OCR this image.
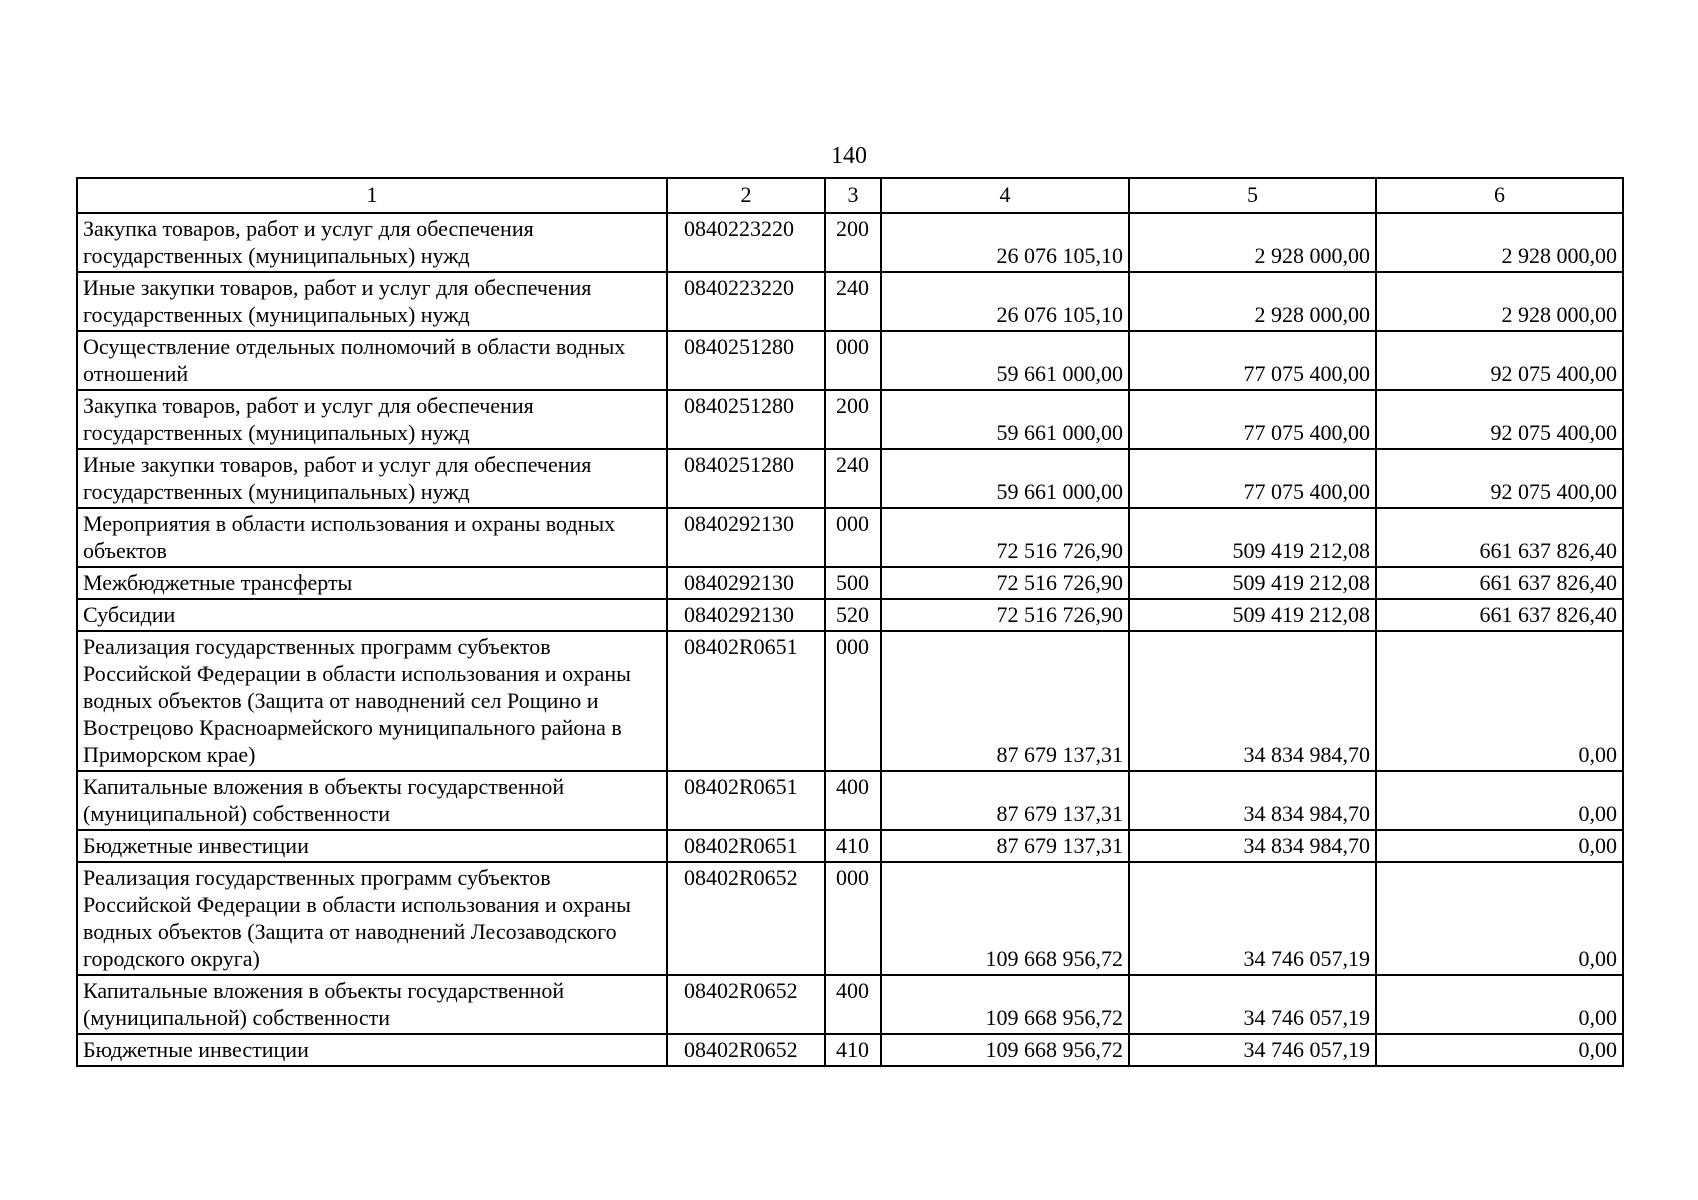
140
1	2	3	4	5	6
Закупка товаров, работ и услуг для обеспечения государственных (муниципальных) нужд	0840223220	200	26 076 105,10	2 928 000,00	2 928 000,00
Иные закупки товаров, работ и услуг для обеспечения государственных (муниципальных) нужд	0840223220	240	26 076 105,10	2 928 000,00	2 928 000,00
Осуществление отдельных полномочий в области водных отношений	0840251280	000	59 661 000,00	77 075 400,00	92 075 400,00
Закупка товаров, работ и услуг для обеспечения государственных (муниципальных) нужд	0840251280	200	59 661 000,00	77 075 400,00	92 075 400,00
Иные закупки товаров, работ и услуг для обеспечения государственных (муниципальных) нужд	0840251280	240	59 661 000,00	77 075 400,00	92 075 400,00
Мероприятия в области использования и охраны водных объектов	0840292130	000	72 516 726,90	509 419 212,08	661 637 826,40
Межбюджетные трансферты	0840292130	500	72 516 726,90	509 419 212,08	661 637 826,40
Субсидии	0840292130	520	72 516 726,90	509 419 212,08	661 637 826,40
Реализация государственных программ субъектов Российской Федерации в области использования и охраны водных объектов (Защита от наводнений сел Рощино и Вострецово Красноармейского муниципального района в Приморском крае)	08402R0651	000	87 679 137,31	34 834 984,70	0,00
Капитальные вложения в объекты государственной (муниципальной) собственности	08402R0651	400	87 679 137,31	34 834 984,70	0,00
Бюджетные инвестиции	08402R0651	410	87 679 137,31	34 834 984,70	0,00
Реализация государственных программ субъектов Российской Федерации в области использования и охраны водных объектов (Защита от наводнений Лесозаводского городского округа)	08402R0652	000	109 668 956,72	34 746 057,19	0,00
Капитальные вложения в объекты государственной (муниципальной) собственности	08402R0652	400	109 668 956,72	34 746 057,19	0,00
Бюджетные инвестиции	08402R0652	410	109 668 956,72	34 746 057,19	0,00
